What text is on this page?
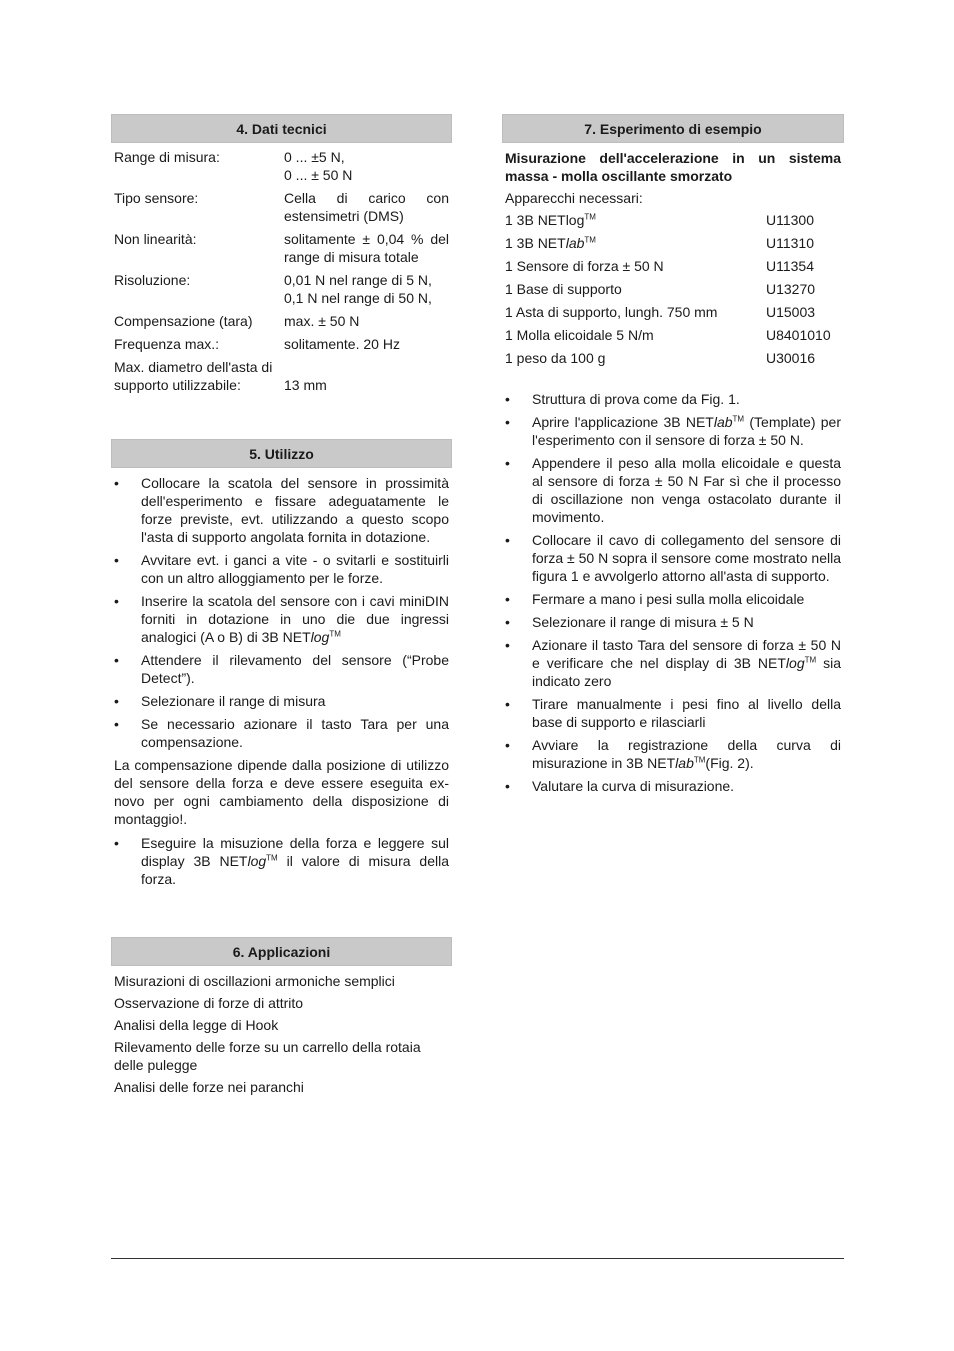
4. Dati tecnici
Range di misura:	0 ... ±5 N,
0 ... ± 50 N
Tipo sensore:	Cella di carico con estensimetri (DMS)
Non linearità:	solitamente ± 0,04 % del range di misura totale
Risoluzione:	0,01 N nel range di 5 N,
0,1 N nel range di 50 N,
Compensazione (tara)	max. ± 50 N
Frequenza max.:	solitamente. 20 Hz
Max. diametro dell'asta di supporto utilizzabile:	13 mm
5. Utilizzo
• Collocare la scatola del sensore in prossimità dell'esperimento e fissare adeguatamente le forze previste, evt. utilizzando a questo scopo l'asta di supporto angolata fornita in dotazione.
• Avvitare evt. i ganci a vite - o svitarli e sostituirli con un altro alloggiamento per le forze.
• Inserire la scatola del sensore con i cavi miniDIN forniti in dotazione in uno die due ingressi analogici (A o B) di 3B NETlog™
• Attendere il rilevamento del sensore (“Probe Detect”).
• Selezionare il range di misura
• Se necessario azionare il tasto Tara per una compensazione.

La compensazione dipende dalla posizione di utilizzo del sensore della forza e deve essere eseguita ex-novo per ogni cambiamento della disposizione di montaggio!.

• Eseguire la misuzione della forza e leggere sul display 3B NETlog™ il valore di misura della forza.
6. Applicazioni
Misurazioni di oscillazioni armoniche semplici
Osservazione di forze di attrito
Analisi della legge di Hook
Rilevamento delle forze su un carrello della rotaia delle pulegge
Analisi delle forze nei paranchi
7. Esperimento di esempio
Misurazione dell'accelerazione in un sistema massa - molla oscillante smorzato
Apparecchi necessari:
1 3B NETlog™	U11300
1 3B NETlab™	U11310
1 Sensore di forza ± 50 N	U11354
1 Base di supporto	U13270
1 Asta di supporto, lungh. 750 mm	U15003
1 Molla elicoidale 5 N/m	U8401010
1 peso da 100 g	U30016
• Struttura di prova come da Fig. 1.
• Aprire l'applicazione 3B NETlab™ (Template) per l'esperimento con il sensore di forza ± 50 N.
• Appendere il peso alla molla elicoidale e questa al sensore di forza ± 50 N Far sì che il processo di oscillazione non venga ostacolato durante il movimento.
• Collocare il cavo di collegamento del sensore di forza ± 50 N sopra il sensore come mostrato nella figura 1 e avvolgerlo attorno all'asta di supporto.
• Fermare a mano i pesi sulla molla elicoidale
• Selezionare il range di misura ± 5 N
• Azionare il tasto Tara del sensore di forza ± 50 N e verificare che nel display di 3B NETlog™ sia indicato zero
• Tirare manualmente i pesi fino al livello della base di supporto e rilasciarli
• Avviare la registrazione della curva di misurazione in 3B NETlab™(Fig. 2).
• Valutare la curva di misurazione.
